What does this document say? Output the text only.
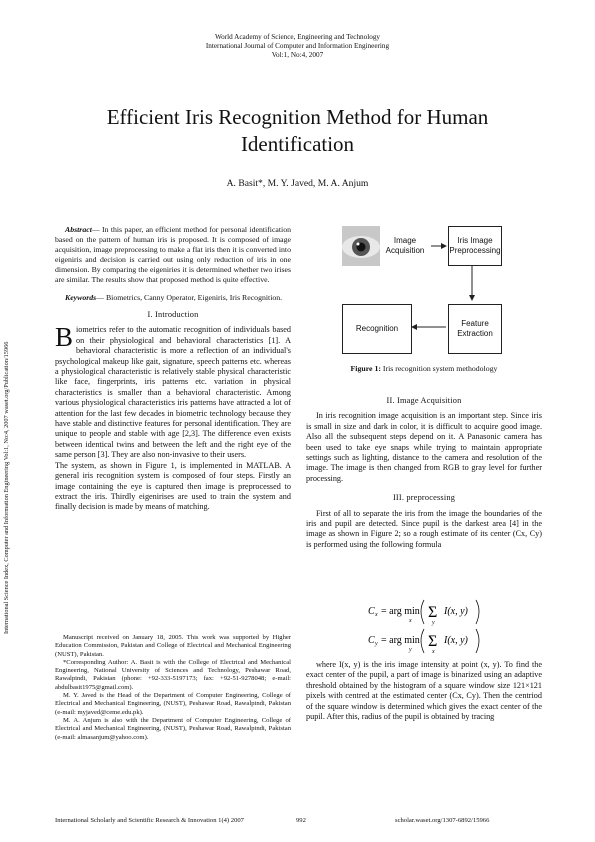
World Academy of Science, Engineering and Technology
International Journal of Computer and Information Engineering
Vol:1, No:4, 2007
Efficient Iris Recognition Method for Human
Identification
A. Basit*, M. Y. Javed, M. A. Anjum
International Science Index, Computer and Information Engineering Vol:1, No:4, 2007 waset.org/Publication/15966
Abstract— In this paper, an efficient method for personal identification based on the pattern of human iris is proposed. It is composed of image acquisition, image preprocessing to make a flat iris then it is converted into eigeniris and decision is carried out using only reduction of iris in one dimension. By comparing the eigeniries it is determined whether two irises are similar. The results show that proposed method is quite effective.
Keywords— Biometrics, Canny Operator, Eigeniris, Iris Recognition.
I. Introduction
Biometrics refer to the automatic recognition of individuals based on their physiological and behavioral characteristics [1]. A behavioral characteristic is more a reflection of an individual's psychological makeup like gait, signature, speech patterns etc. whereas a physiological characteristic is relatively stable physical characteristic like face, fingerprints, iris patterns etc. variation in physical characteristics is smaller than a behavioral characteristic. Among various physiological characteristics iris patterns have attracted a lot of attention for the last few decades in biometric technology because they have stable and distinctive features for personal identification. They are unique to people and stable with age [2,3]. The difference even exists between identical twins and between the left and the right eye of the same person [3]. They are also non-invasive to their users.
The system, as shown in Figure 1, is implemented in MATLAB. A general iris recognition system is composed of four steps. Firstly an image containing the eye is captured then image is preprocessed to extract the iris. Thirdly eigenirises are used to train the system and finally decision is made by means of matching.
Manuscript received on January 18, 2005. This work was supported by Higher Education Commission, Pakistan and College of Electrical and Mechanical Engineering (NUST), Pakistan.
*Corresponding Author: A. Basit is with the College of Electrical and Mechanical Engineering, National University of Sciences and Technology, Peshawar Road, Rawalpindi, Pakistan (phone: +92-333-5197173; fax: +92-51-9278048; e-mail: abdulbasit1975@gmail.com).
M. Y. Javed is the Head of the Department of Computer Engineering, College of Electrical and Mechanical Engineering, (NUST), Peshawar Road, Rawalpindi, Pakistan (e-mail: myjaved@ceme.edu.pk).
M. A. Anjum is also with the Department of Computer Engineering, College of Electrical and Mechanical Engineering, (NUST), Peshawar Road, Rawalpindi, Pakistan (e-mail: almasanjum@yahoo.com).
Image Acquisition
Iris Image Preprocessing
Recognition
Feature Extraction
Figure 1: Iris recognition system methodology
II. Image Acquisition
In iris recognition image acquisition is an important step. Since iris is small in size and dark in color, it is difficult to acquire good image. Also all the subsequent steps depend on it. A Panasonic camera has been used to take eye snaps while trying to maintain appropriate settings such as lighting, distance to the camera and resolution of the image. The image is then changed from RGB to gray level for further processing.
III. preprocessing
First of all to separate the iris from the image the boundaries of the iris and pupil are detected. Since pupil is the darkest area [4] in the image as shown in Figure 2; so a rough estimate of its center (Cx, Cy) is performed using the following formula
C x = arg min
x Σ
y
I(x, y)
C y = arg min
y Σ
x
I(x, y)
where I(x, y) is the iris image intensity at point (x, y). To find the exact center of the pupil, a part of image is binarized using an adaptive threshold obtained by the histogram of a square window size 121×121 pixels with centred at the estimated center (Cx, Cy). Then the centriod of the square window is determined which gives the exact center of the pupil. After this, radius of the pupil is obtained by tracing
International Scholarly and Scientific Research & Innovation 1(4) 2007	992	scholar.waset.org/1307-6892/15966
